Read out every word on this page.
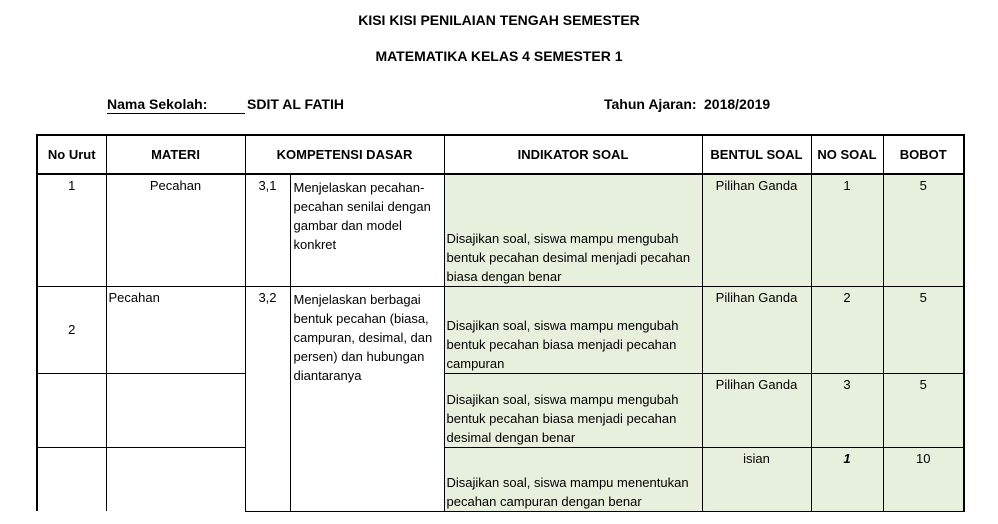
KISI KISI PENILAIAN TENGAH SEMESTER
MATEMATIKA KELAS 4 SEMESTER 1
Nama Sekolah:	SDIT AL FATIH	Tahun Ajaran: 2018/2019
No Urut	MATERI	KOMPETENSI DASAR		INDIKATOR SOAL	BENTUL SOAL	NO SOAL	BOBOT
1	Pecahan	3,1	Menjelaskan pecahan-pecahan senilai dengan gambar dan model konkret	Disajikan soal, siswa mampu mengubah bentuk pecahan desimal menjadi pecahan biasa dengan benar	Pilihan Ganda	1	5
2	Pecahan	3,2	Menjelaskan berbagai bentuk pecahan (biasa, campuran, desimal, dan persen) dan hubungan diantaranya	Disajikan soal, siswa mampu mengubah bentuk pecahan biasa menjadi pecahan campuran	Pilihan Ganda	2	5
				Disajikan soal, siswa mampu mengubah bentuk pecahan biasa menjadi pecahan desimal dengan benar	Pilihan Ganda	3	5
				Disajikan soal, siswa mampu menentukan pecahan campuran dengan benar	isian	1	10
